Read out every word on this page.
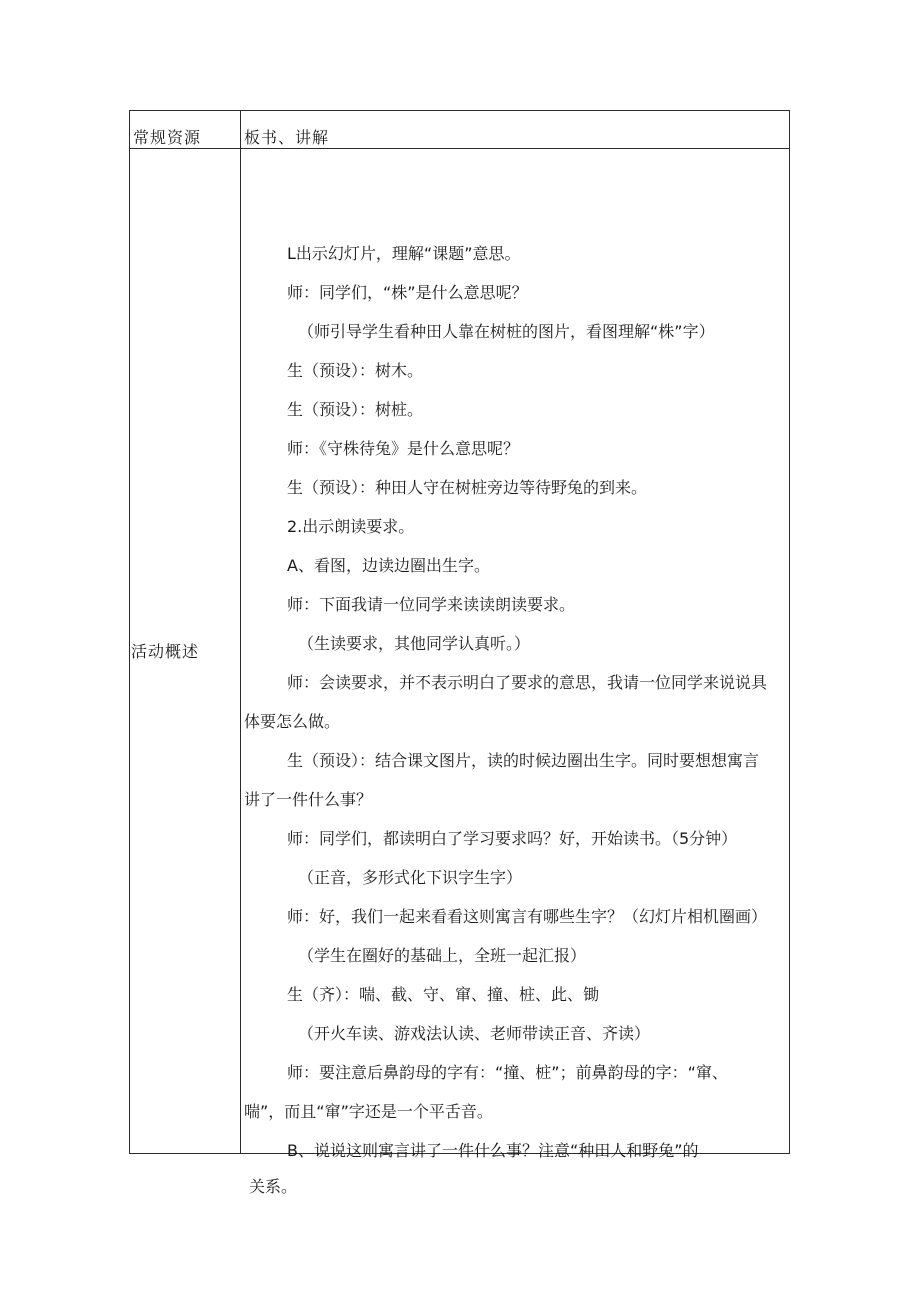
常规资源	板书、讲解
活动概述
L出示幻灯片，理解“课题”意思。
师：同学们，“株”是什么意思呢？
（师引导学生看种田人靠在树桩的图片，看图理解“株”字）
生（预设）：树木。
生（预设）：树桩。
师：《守株待兔》是什么意思呢？
生（预设）：种田人守在树桩旁边等待野兔的到来。
2.出示朗读要求。
A、看图，边读边圈出生字。
师：下面我请一位同学来读读朗读要求。
（生读要求，其他同学认真听。）
师：会读要求，并不表示明白了要求的意思，我请一位同学来说说具
体要怎么做。
生（预设）：结合课文图片，读的时候边圈出生字。同时要想想寓言
讲了一件什么事？
师：同学们，都读明白了学习要求吗？好，开始读书。（5分钟）
（正音，多形式化下识字生字）
师：好，我们一起来看看这则寓言有哪些生字？（幻灯片相机圈画）
（学生在圈好的基础上，全班一起汇报）
生（齐）：喘、截、守、窜、撞、桩、此、锄
（开火车读、游戏法认读、老师带读正音、齐读）
师：要注意后鼻韵母的字有：“撞、桩”；前鼻韵母的字：“窜、
喘”，而且“窜”字还是一个平舌音。
B、说说这则寓言讲了一件什么事？注意“种田人和野兔”的
关系。
